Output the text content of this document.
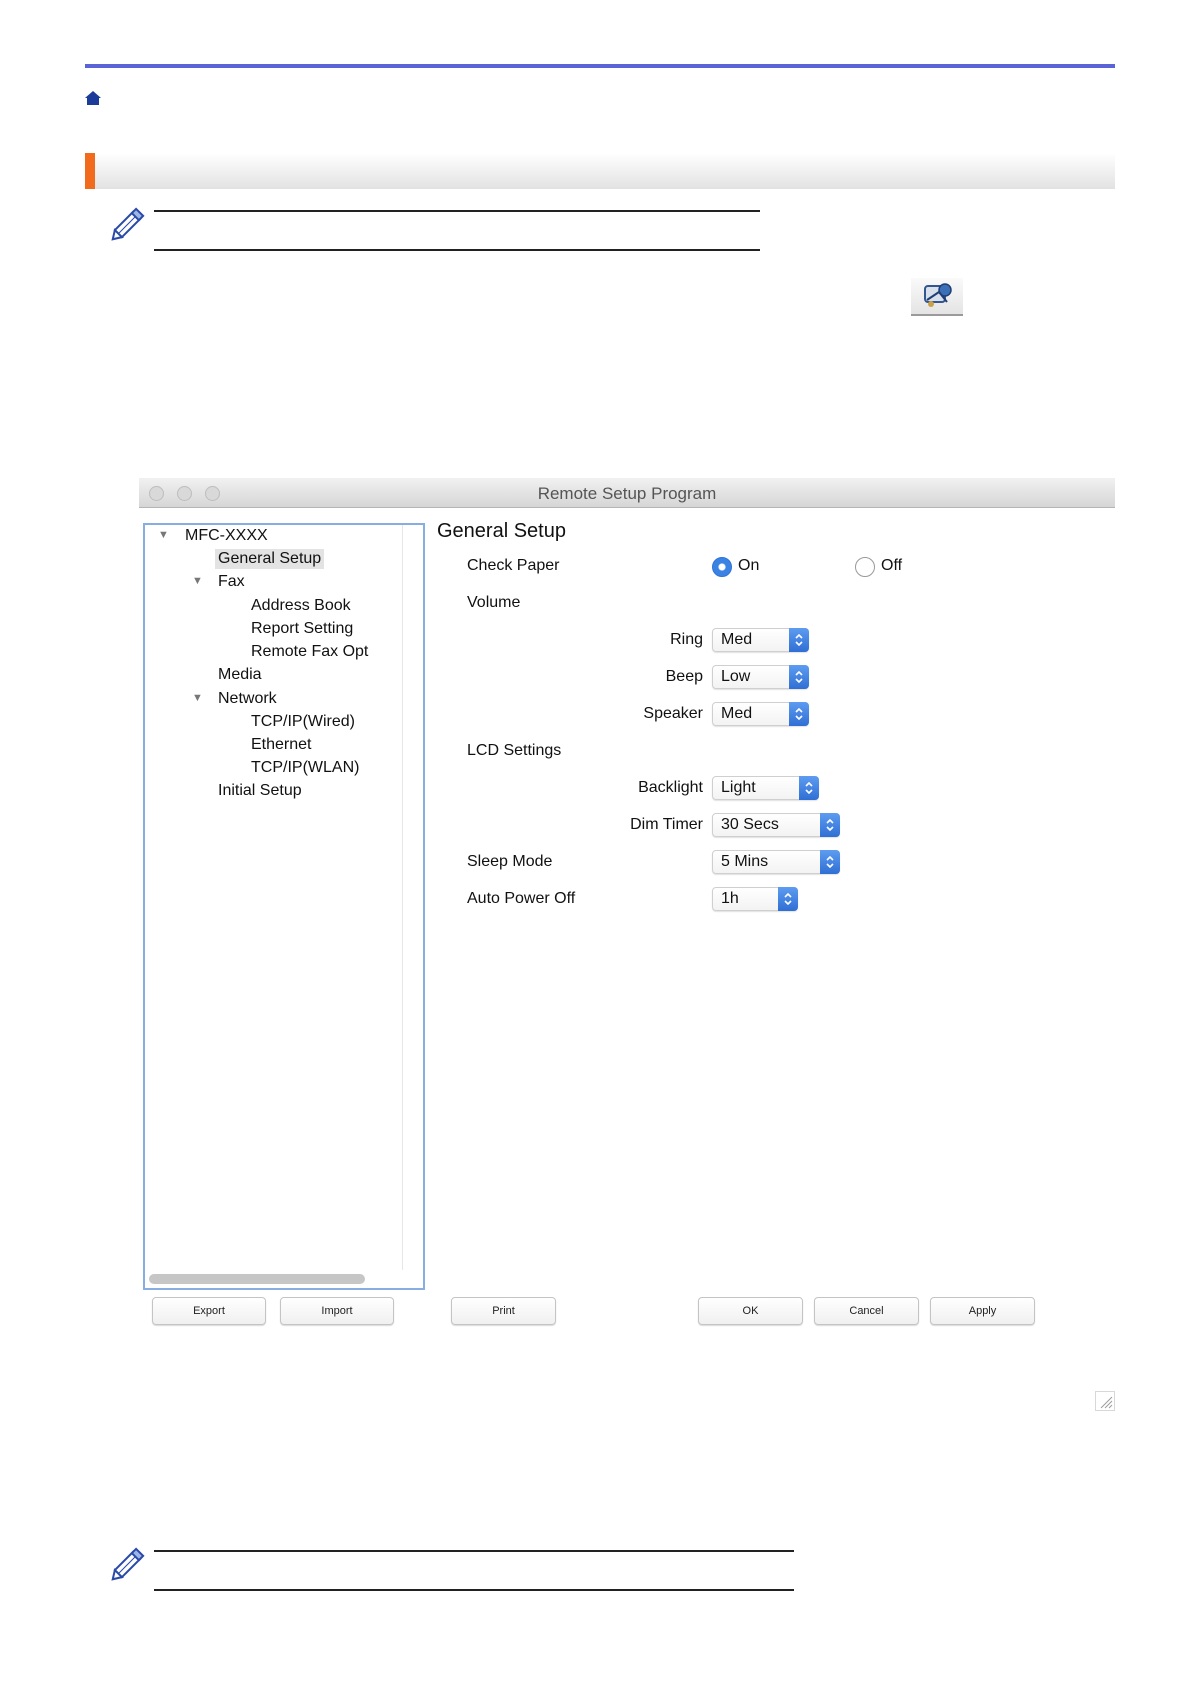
Remote Setup Program
▼ MFC-XXXX
General Setup
▼ Fax
Address Book
Report Setting
Remote Fax Opt
Media
▼ Network
TCP/IP(Wired)
Ethernet
TCP/IP(WLAN)
Initial Setup
General Setup
Check Paper	On	Off
Volume
Ring Med
Beep Low
Speaker Med
LCD Settings
Backlight Light
Dim Timer 30 Secs
Sleep Mode	5 Mins
Auto Power Off	1h
Export	Import	Print	OK	Cancel	Apply
